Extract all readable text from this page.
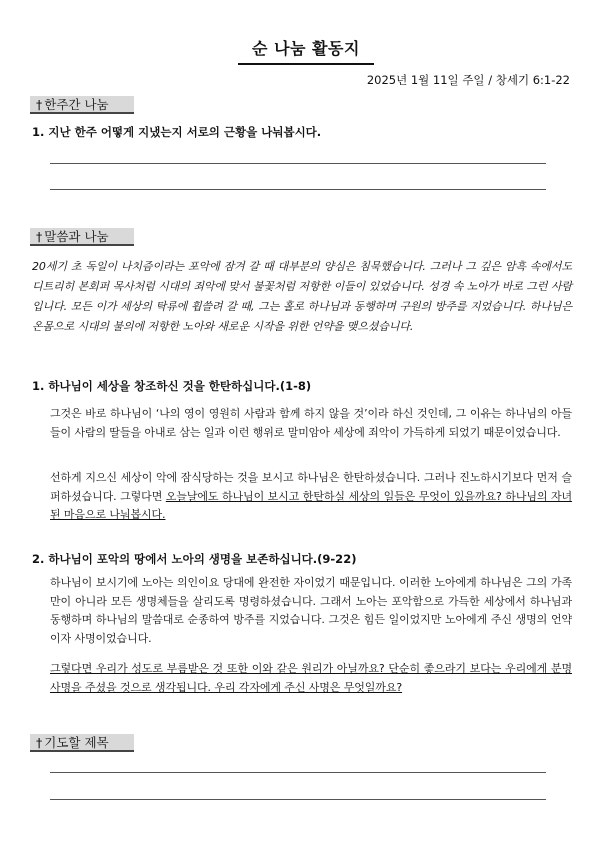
순 나눔 활동지
2025년 1월 11일 주일 / 창세기 6:1-22
† 한주간 나눔
1. 지난 한주 어떻게 지냈는지 서로의 근황을 나눠봅시다.
† 말씀과 나눔
20세기 초 독일이 나치즘이라는 포악에 잠겨 갈 때 대부분의 양심은 침묵했습니다. 그러나 그 깊은 암흑 속에서도 디트리히 본회퍼 목사처럼 시대의 죄악에 맞서 불꽃처럼 저항한 이들이 있었습니다. 성경 속 노아가 바로 그런 사람입니다. 모든 이가 세상의 탁류에 휩쓸려 갈 때, 그는 홀로 하나님과 동행하며 구원의 방주를 지었습니다. 하나님은 온몸으로 시대의 불의에 저항한 노아와 새로운 시작을 위한 언약을 맺으셨습니다.
1. 하나님이 세상을 창조하신 것을 한탄하십니다.(1-8)
그것은 바로 하나님이 ‘나의 영이 영원히 사람과 함께 하지 않을 것’이라 하신 것인데, 그 이유는 하나님의 아들들이 사람의 딸들을 아내로 삼는 일과 이런 행위로 말미암아 세상에 죄악이 가득하게 되었기 때문이었습니다.
선하게 지으신 세상이 악에 잠식당하는 것을 보시고 하나님은 한탄하셨습니다. 그러나 진노하시기보다 먼저 슬퍼하셨습니다. 그렇다면 오늘날에도 하나님이 보시고 한탄하실 세상의 일들은 무엇이 있을까요? 하나님의 자녀된 마음으로 나눠봅시다.
2. 하나님이 포악의 땅에서 노아의 생명을 보존하십니다.(9-22)
하나님이 보시기에 노아는 의인이요 당대에 완전한 자이었기 때문입니다. 이러한 노아에게 하나님은 그의 가족만이 아니라 모든 생명체들을 살리도록 명령하셨습니다. 그래서 노아는 포악함으로 가득한 세상에서 하나님과 동행하며 하나님의 말씀대로 순종하여 방주를 지었습니다. 그것은 힘든 일이었지만 노아에게 주신 생명의 언약이자 사명이었습니다.
그렇다면 우리가 성도로 부름받은 것 또한 이와 같은 원리가 아닐까요? 단순히 좋으라기 보다는 우리에게 분명 사명을 주셨을 것으로 생각됩니다. 우리 각자에게 주신 사명은 무엇일까요?
† 기도할 제목
